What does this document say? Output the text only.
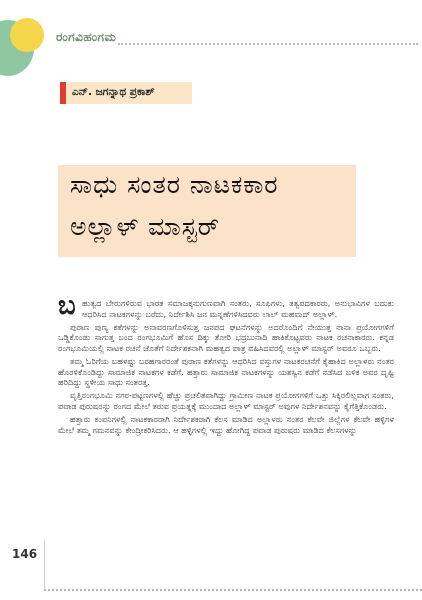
ರಂಗವಿಹಂಗಮ
ಎನ್. ಜಗನ್ನಾಥ ಪ್ರಕಾಶ್
ಸಾಧು ಸಂತರ ನಾಟಕಕಾರ
ಅಲ್ಲಾಳ್ ಮಾಸ್ಟರ್
ಬ ಹುತ್ವದ ಬೇರುಗಳಿರುವ ಭಾರತ ಸಮಾಜಕ್ಕನುಗುಣವಾಗಿ ಸಂತರು, ಸೂಫಿಗಳು, ತತ್ವಪದಕಾರರು, ಅನುಭಾವಿಗಳ ಬದುಕು ಆಧರಿಸಿದ ನಾಟಕಗಳನ್ನು ಬರೆದು, ನಿರ್ದೇಶಿಸಿ ಜನ ಮನ್ನಣೆಗಳಿಸಿದವರು ಲಾಲ್ ಮಹಮದ್ ಅಲ್ಲಾಳ್.

ಪುರಾಣ ಪುಣ್ಯ ಕತೆಗಳನ್ನು ಅನಾವರಣಗೊಳಿಸುತ್ತ ಜನಪದ ಘಟನೆಗಳನ್ನು ಅದರೊಂದಿಗೆ ನೇಯುತ್ತ ನಾನಾ ಪ್ರಯೋಗಗಳಿಗೆ ಒಡ್ಡಿಕೊಂಡು ಸಾಗುತ್ತ ಬಂದ ರಂಗಭೂಮಿಗೆ ಹೊಸ ದಿಕ್ಕು ತೋರಿ ಭದ್ರಬುನಾದಿ ಹಾಕಿಕೊಟ್ಟವರು ನಾಟಕ ರಚನಾಕಾರರು. ಕನ್ನಡ ರಂಗಭೂಮಿಯಲ್ಲಿ ನಾಟಕ ರಚನೆ ಜೊತೆಗೆ ನಿರ್ದೇಶಕನಾಗಿ ಮಹತ್ವದ ಪಾತ್ರ ವಹಿಸಿದವರಲ್ಲಿ ಅಲ್ಲಾಳ್ ಮಾಸ್ಟರ್ ಅವರೂ ಒಬ್ಬರು.

ತಮ್ಮ ಓರಿಗೆಯ ಬಹಳಷ್ಟು ಬರಹಗಾರರಂತೆ ಪುರಾಣ ಕತೆಗಳನ್ನು ಆಧರಿಸಿದ ವಸ್ತುಗಳ ನಾಟಕರಚನೆಗೆ ಕೈಹಾಕಿದ ಅಲ್ಲಾಳರು ನಂತರ ಹೊರಳಿಕೊಂಡಿದ್ದು ಸಾಮಾಜಿಕ ನಾಟಕಗಳ ಕಡೆಗೆ. ಹತ್ತಾರು ಸಾಮಾಜಿಕ ನಾಟಕಗಳನ್ನು ಯಶಸ್ವಿನ ಕಡೆಗೆ ನಡೆಸಿದ ಬಳಿಕ ಅವರ ದೃಷ್ಟಿ ಹರಿದಿದ್ದು ಸ್ಥಳೀಯ ಸಾಧು ಸಂತರತ್ತ.

ವೃತ್ತಿರಂಗಭೂಮಿ ನಗರ-ಪಟ್ಟಣಗಳಲ್ಲಿ ಹೆಚ್ಚು ಪ್ರಚಲಿತವಾಗಿದ್ದು ಗ್ರಾಮೀಣ ನಾಟಕ ಪ್ರಯೋಗಗಳಿಗೆ ಒತ್ತು ಸಿಕ್ಕಿರಲಿಲ್ಲವಾಗ ಸಂತರು, ಪವಾಡ ಪುರುಷರನ್ನು ರಂಗದ ಮೇಲೆ ತರುವ ಪ್ರಯತ್ನಕ್ಕೆ ಮುಂದಾದ ಅಲ್ಲಾಳ್ ಮಾಸ್ಟರ್ ಅವುಗಳ ನಿರ್ದೇಶನವನ್ನು ಕೈಗೆತ್ತಿಕೊಂಡರು.

ಹತ್ತಾರು ಕಂಪನಿಗಳಲ್ಲಿ ನಾಟಕಕಾರರಾಗಿ ನಿರ್ದೇಶಕರಾಗಿ ಕೆಲಸ ಮಾಡಿದ ಅಲ್ಲಾಳರು ನಂತರ ಕೆಲವೇ ಜಿಲ್ಲೆಗಳ ಕೆಲವೇ ಹಳ್ಳಿಗಳ ಮೇಲೆ ತಮ್ಮ ಗಮನವನ್ನು ಕೇಂದ್ರೀಕರಿಸಿದರು. ಆ ಹಳ್ಳಿಗಳಲ್ಲಿ ಇದ್ದು ಹೋಗಿದ್ದ ಪವಾಡ ಪುರುಷರು ಮಾಡಿದ ಕೆಲಸಗಳನ್ನು

146
